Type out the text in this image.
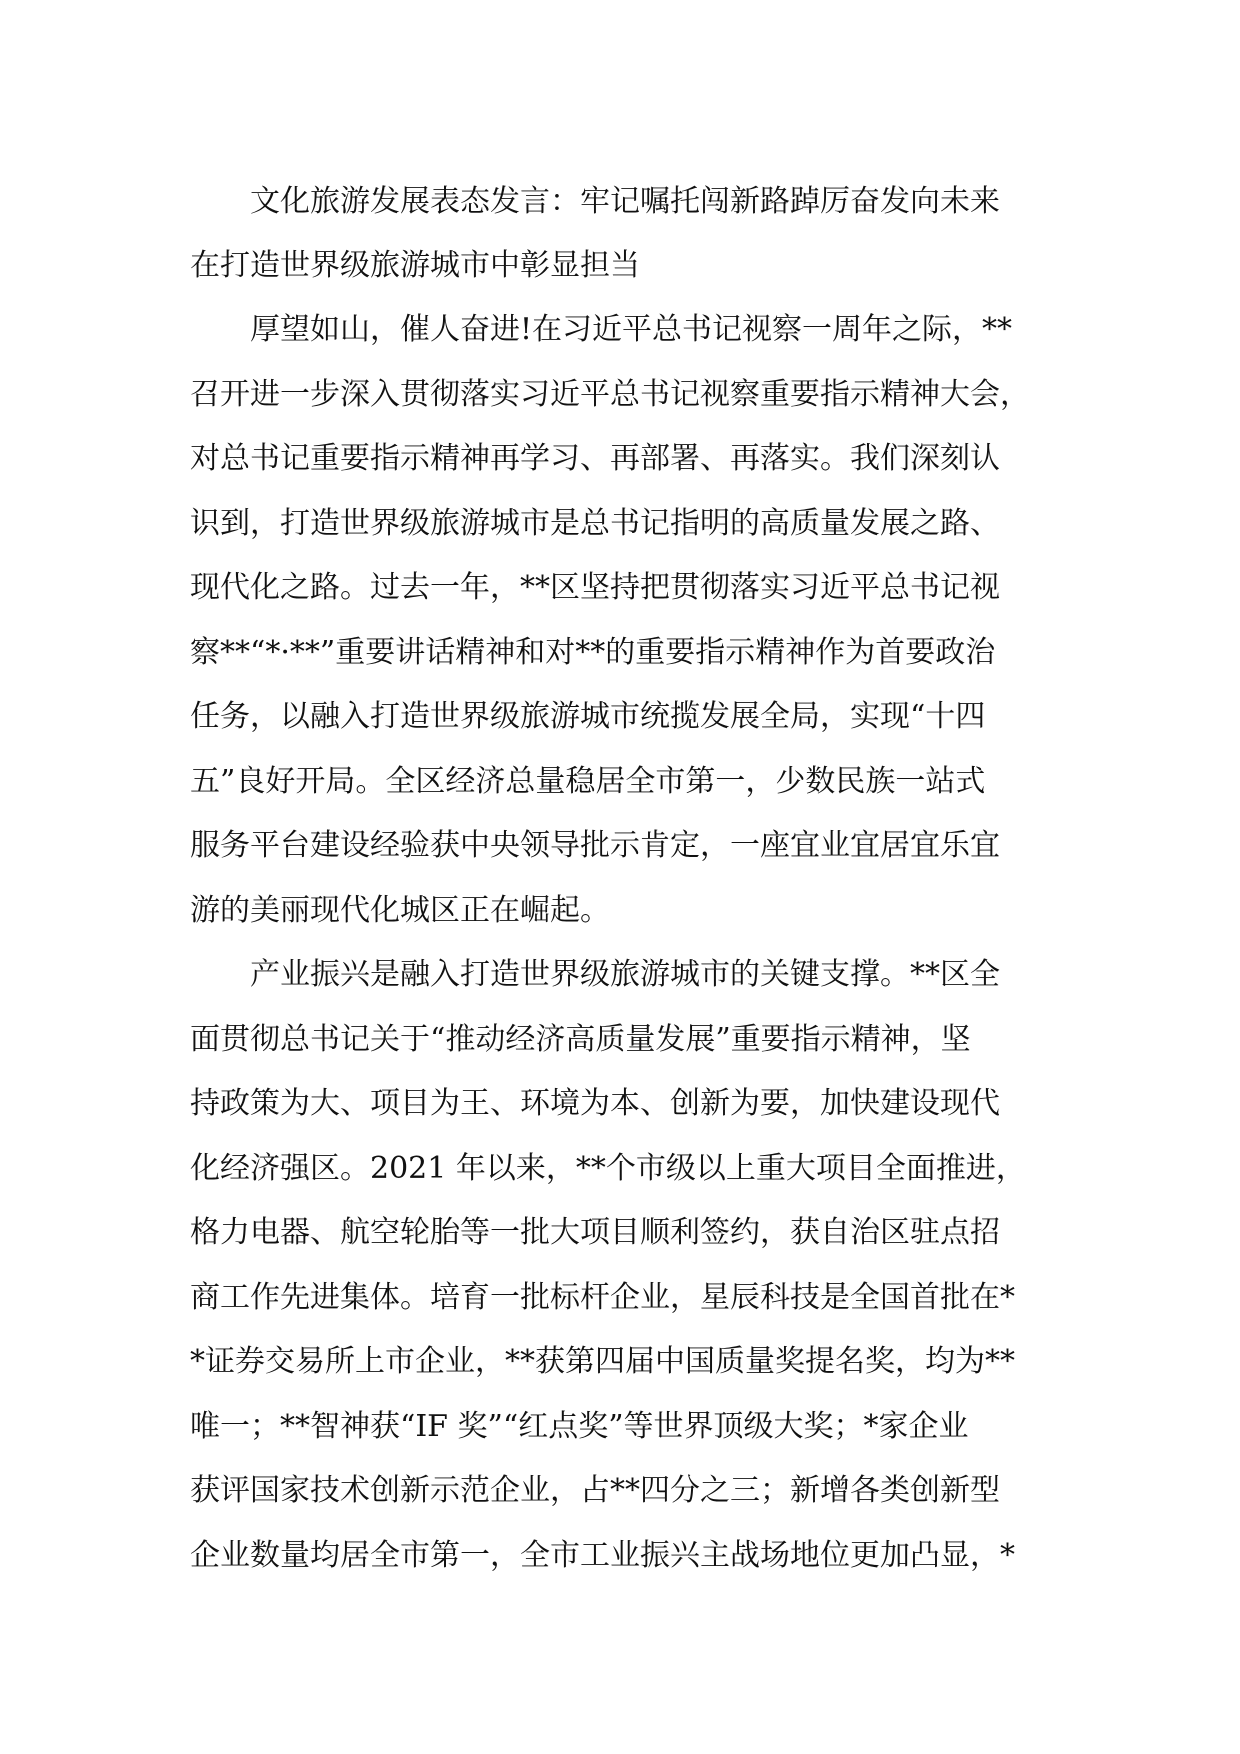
文化旅游发展表态发言：牢记嘱托闯新路踔厉奋发向未来

在打造世界级旅游城市中彰显担当

厚望如山，催人奋进!在习近平总书记视察一周年之际，**
召开进一步深入贯彻落实习近平总书记视察重要指示精神大会，
对总书记重要指示精神再学习、再部署、再落实。我们深刻认
识到，打造世界级旅游城市是总书记指明的高质量发展之路、
现代化之路。过去一年，**区坚持把贯彻落实习近平总书记视
察**“*·**”重要讲话精神和对**的重要指示精神作为首要政治
任务，以融入打造世界级旅游城市统揽发展全局，实现“十四
五”良好开局。全区经济总量稳居全市第一，少数民族一站式
服务平台建设经验获中央领导批示肯定，一座宜业宜居宜乐宜
游的美丽现代化城区正在崛起。

产业振兴是融入打造世界级旅游城市的关键支撑。**区全
面贯彻总书记关于“推动经济高质量发展”重要指示精神，坚
持政策为大、项目为王、环境为本、创新为要，加快建设现代
化经济强区。2021 年以来，**个市级以上重大项目全面推进，
格力电器、航空轮胎等一批大项目顺利签约，获自治区驻点招
商工作先进集体。培育一批标杆企业，星辰科技是全国首批在*
*证券交易所上市企业，**获第四届中国质量奖提名奖，均为**
唯一；**智神获“IF 奖”“红点奖”等世界顶级大奖；*家企业
获评国家技术创新示范企业，占**四分之三；新增各类创新型
企业数量均居全市第一，全市工业振兴主战场地位更加凸显，*
